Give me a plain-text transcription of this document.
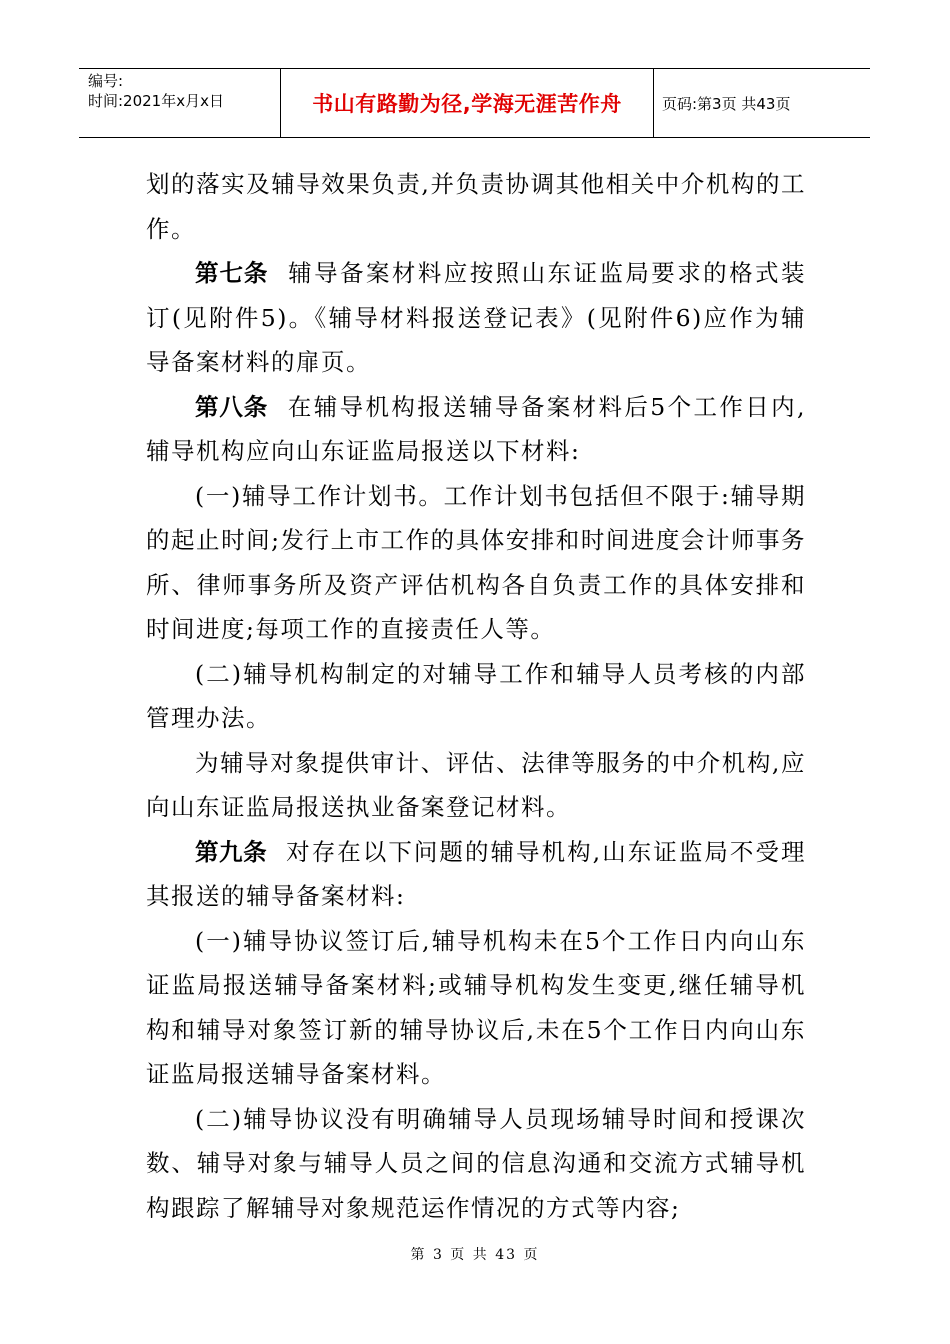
编号:
时间:2021年x月x日	书山有路勤为径,学海无涯苦作舟	页码:第3页 共43页

划的落实及辅导效果负责,并负责协调其他相关中介机构的工作。

第七条  辅导备案材料应按照山东证监局要求的格式装订(见附件5)。《辅导材料报送登记表》(见附件6)应作为辅导备案材料的扉页。

第八条  在辅导机构报送辅导备案材料后5个工作日内,辅导机构应向山东证监局报送以下材料:

(一)辅导工作计划书。工作计划书包括但不限于:辅导期的起止时间;发行上市工作的具体安排和时间进度会计师事务所、律师事务所及资产评估机构各自负责工作的具体安排和时间进度;每项工作的直接责任人等。

(二)辅导机构制定的对辅导工作和辅导人员考核的内部管理办法。

为辅导对象提供审计、评估、法律等服务的中介机构,应向山东证监局报送执业备案登记材料。

第九条  对存在以下问题的辅导机构,山东证监局不受理其报送的辅导备案材料:

(一)辅导协议签订后,辅导机构未在5个工作日内向山东证监局报送辅导备案材料;或辅导机构发生变更,继任辅导机构和辅导对象签订新的辅导协议后,未在5个工作日内向山东证监局报送辅导备案材料。

(二)辅导协议没有明确辅导人员现场辅导时间和授课次数、辅导对象与辅导人员之间的信息沟通和交流方式辅导机构跟踪了解辅导对象规范运作情况的方式等内容;

第 3 页 共 43 页
